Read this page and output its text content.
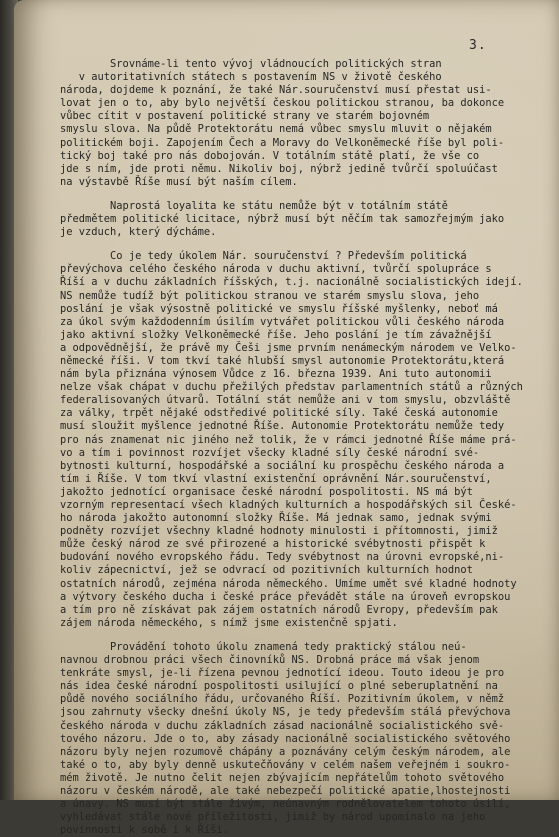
3.
Srovnáme-li tento vývoj vládnoucích politických stran
v autoritativních státech s postavením NS v životě českého
národa, dojdeme k poznání, že také Nár.souručenství musí přestat usi-
lovat jen o to, aby bylo největší českou politickou stranou, ba dokonce
vůbec cítit v postavení politické strany ve starém bojovném
smyslu slova. Na půdě Protektorátu nemá vůbec smyslu mluvit o nějakém
politickém boji. Zapojením Čech a Moravy do Velkoněmecké říše byl poli-
tický boj také pro nás dobojován. V totálním státě platí, že vše co
jde s ním, jde proti němu. Nikoliv boj, nýbrž jedině tvůrčí spoluúčast
na výstavbě Říše musí být naším cílem.
Naprostá loyalita ke státu nemůže být v totálním státě
předmětem politické licitace, nýbrž musí být něčím tak samozřejmým jako
je vzduch, který dýcháme.
Co je tedy úkolem Nár. souručenství ? Především politická
převýchova celého českého národa v duchu aktivní, tvůrčí spolupráce s
Říší a v duchu základních říšských, t.j. nacionálně socialistických idejí.
NS nemůže tudíž být politickou stranou ve starém smyslu slova, jeho
poslání je však výsostně politické ve smyslu říšské myšlenky, neboť má
za úkol svým každodenním úsilím vytvářet politickou vůli českého národa
jako aktivní složky Velkoněmecké říše. Jeho poslání je tím závažnější
a odpovědnější, že právě my Češi jsme prvním nenámeckým národem ve Velko-
německé říši. V tom tkví také hlubší smysl autonomie Protektorátu,která
nám byla přiznána výnosem Vůdce z 16. března 1939. Ani tuto autonomii
nelze však chápat v duchu přežilých představ parlamentních států a různých
federalisovaných útvarů. Totální stát nemůže ani v tom smyslu, obzvláště
za války, trpět nějaké odstředivé politické síly. Také česká autonomie
musí sloužit myšlence jednotné Říše. Autonomie Protektorátu nemůže tedy
pro nás znamenat nic jiného než tolik, že v rámci jednotné Říše máme prá-
vo a tím i povinnost rozvíjet všecky kladné síly české národní své-
bytnosti kulturní, hospodářské a sociální ku prospěchu českého národa a
tím i Říše. V tom tkví vlastní existenční oprávnění Nár.souručenství,
jakožto jednotící organisace české národní pospolitosti. NS má být
vzorným representací všech kladných kulturních a hospodářských sil České-
ho národa jakožto autonomní složky Říše. Má jednak samo, jednak svými
podněty rozvíjet všechny kladné hodnoty minulosti i přítomnosti, jimiž
může český národ ze své přirozené a historické svébytnosti přispět k
budování nového evropského řádu. Tedy svébytnost na úrovni evropské,ni-
koliv zápecnictví, jež se odvrací od pozitivních kulturních hodnot
ostatních národů, zejména národa německého. Umíme umět své kladné hodnoty
a výtvory českého ducha i české práce převádět stále na úroveň evropskou
a tím pro ně získávat pak zájem ostatních národů Evropy, především pak
zájem národa německého, s nímž jsme existenčně spjati.
Provádění tohoto úkolu znamená tedy praktický stálou neú-
navnou drobnou práci všech činovníků NS. Drobná práce má však jenom
tenkráte smysl, je-li řízena pevnou jednotící ideou. Touto ideou je pro
nás idea české národní pospolitosti usilující o plné seberuplatnění na
půdě nového sociálního řádu, určovaného Říší. Pozitivním úkolem, v němž
jsou zahrnuty všecky dnešní úkoly NS, je tedy především stálá převýchova
českého národa v duchu základních zásad nacionálně socialistického svě-
tového názoru. Jde o to, aby zásady nacionálně socialistického světového
názoru byly nejen rozumově chápány a poznávány celým českým národem, ale
také o to, aby byly denně uskutečňovány v celém našem veřejném i soukro-
mém životě. Je nutno čelit nejen zbývajícím nepřátelům tohoto světového
názoru v českém národě, ale také nebezpečí politické apatie,lhostejnosti
a únavy. NS musí být stále živým, neúnavným rodnělovatelem tohoto úsilí,
vyhledávat stále nové příležitosti, jimiž by národ upomínalo na jeho
povinnosti k sobě i k Říši.
